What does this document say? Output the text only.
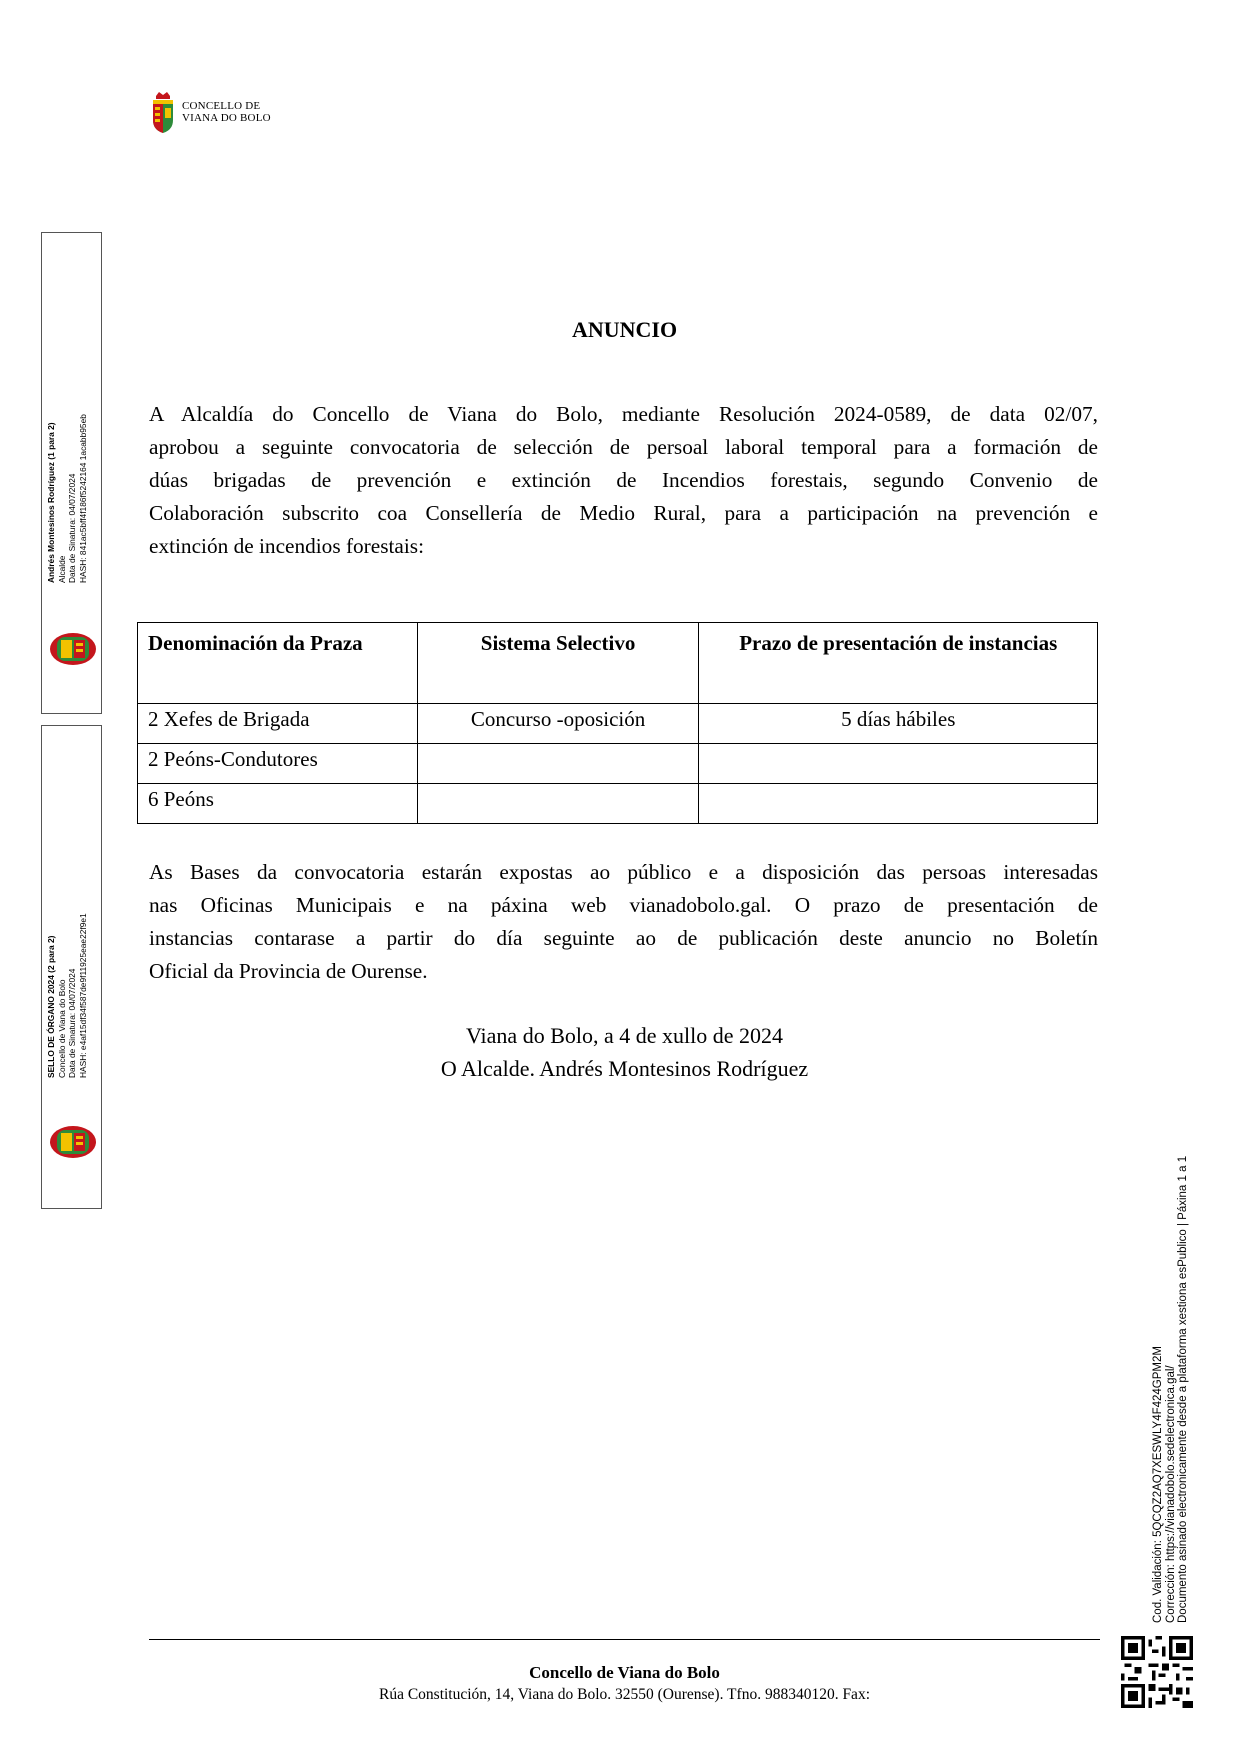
CONCELLO DE
VIANA DO BOLO
Andrés Montesinos Rodríguez (1 para 2) Alcalde Data de Sinatura: 04/07/2024 HASH: 841ac5bff4f186f5242164 1acabb95eb
SELLO DE ÓRGANO 2024 (2 para 2) Concello de Viana do Bolo Data de Sinatura: 04/07/2024 HASH: e4af15df34f587de9f11925eae22f9e1
Cod. Validación: 5QCQZ2AQ7XESWLY4F424GPM2M Corrección: https://vianadobolo.sedelectronica.gal/ Documento asinado electronicamente desde a plataforma xestiona esPublico | Páxina 1 a 1
ANUNCIO
A Alcaldía do Concello de Viana do Bolo, mediante Resolución 2024-0589, de data 02/07,
aprobou a seguinte convocatoria de selección de persoal laboral temporal para a formación de
dúas brigadas de prevención e extinción de Incendios forestais, segundo Convenio de
Colaboración subscrito coa Consellería de Medio Rural, para a participación na prevención e
extinción de incendios forestais:
Denominación da Praza	Sistema Selectivo	Prazo de presentación de instancias
2 Xefes de Brigada	Concurso -oposición	5 días hábiles
2 Peóns-Condutores		
6 Peóns		
As Bases da convocatoria estarán expostas ao público e a disposición das persoas interesadas
nas Oficinas Municipais e na páxina web vianadobolo.gal. O prazo de presentación de
instancias contarase a partir do día seguinte ao de publicación deste anuncio no Boletín
Oficial da Provincia de Ourense.
Viana do Bolo, a 4 de xullo de 2024
O Alcalde. Andrés Montesinos Rodríguez
Concello de Viana do Bolo
Rúa Constitución, 14, Viana do Bolo. 32550 (Ourense). Tfno. 988340120. Fax:
